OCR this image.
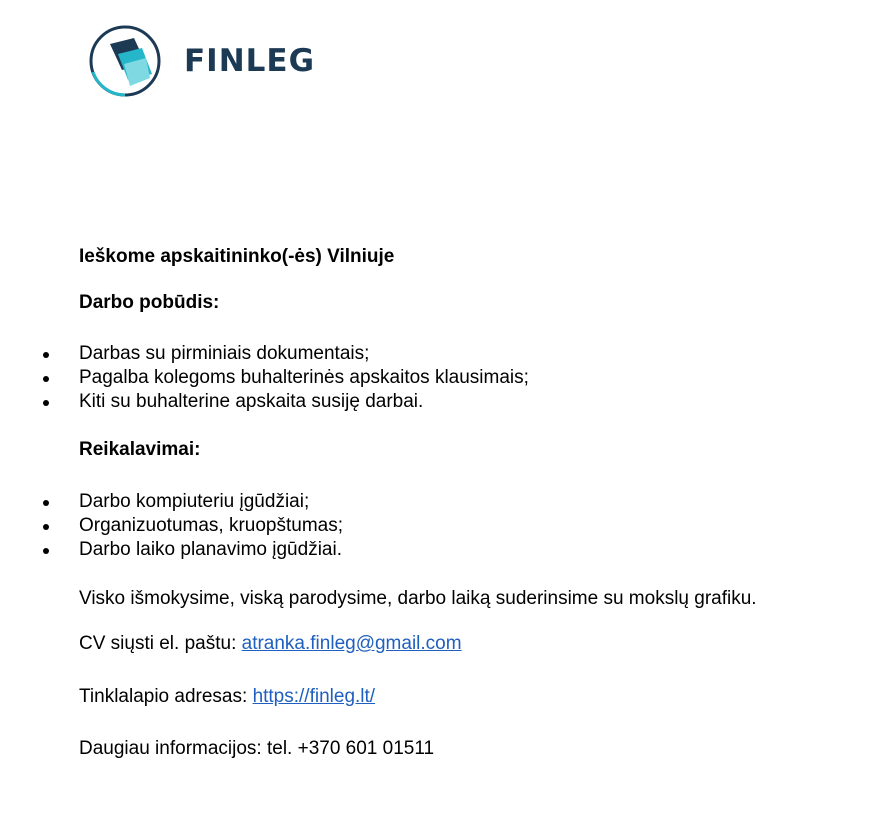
FINLEG
Ieškome apskaitininko(-ės) Vilniuje
Darbo pobūdis:
Darbas su pirminiais dokumentais;
Pagalba kolegoms buhalterinės apskaitos klausimais;
Kiti su buhalterine apskaita susiję darbai.
Reikalavimai:
Darbo kompiuteriu įgūdžiai;
Organizuotumas, kruopštumas;
Darbo laiko planavimo įgūdžiai.
Visko išmokysime, viską parodysime, darbo laiką suderinsime su mokslų grafiku.
CV siųsti el. paštu: atranka.finleg@gmail.com
Tinklalapio adresas: https://finleg.lt/
Daugiau informacijos: tel. +370 601 01511
